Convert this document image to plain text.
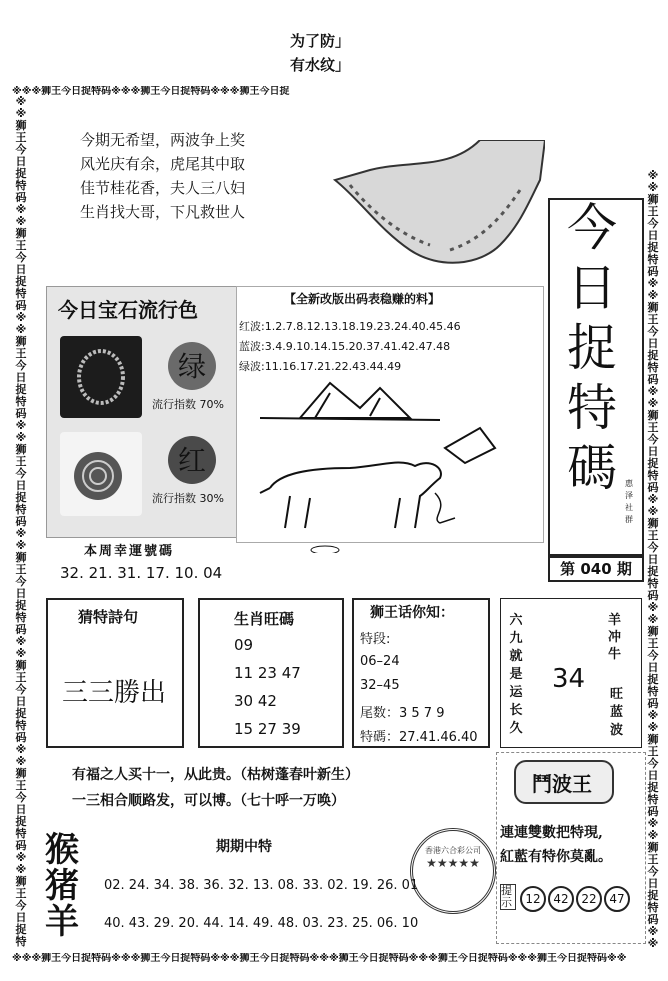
为了防」
有水纹」
※※※狮王今日捉特码※※※狮王今日捉特码※※※狮王今日捉
※※※狮王今日捉特码※※※狮王今日捉特码※※※狮王今日捉特码※※※狮王今日捉特码※※※狮王今日捉特码※※※狮王今日捉特码※※
※※狮王今日捉特码※※狮王今日捉特码※※狮王今日捉特码※※狮王今日捉特码※※狮王今日捉特码※※狮王今日捉特码※※狮王今日捉特码※※狮王今日捉特
※※狮王今日捉特码※※狮王今日捉特码※※狮王今日捉特码※※狮王今日捉特码※※狮王今日捉特码※※狮王今日捉特码※※狮王今日捉特码※※

今期无希望，两波争上奖

风光庆有余，虎尾其中取

佳节桂花香，夫人三八妇

生肖找大哥，下凡救世人	今
日
捉
特
碼	惠
泽
社
群
第 040 期
今日宝石流行色
绿
流行指数 70%
红
流行指数 30%
本周幸運號碼
32. 21. 31. 17. 10. 04
【全新改版出码表稳赚的料】
红波:1.2.7.8.12.13.18.19.23.24.40.45.46
蓝波:3.4.9.10.14.15.20.37.41.42.47.48
绿波:11.16.17.21.22.43.44.49
猜特詩句
三三勝出
生肖旺碼
09
11 23 47
30 42
15 27 39
狮王话你知：
特段:
06–24
32–45
尾数：3 5 7 9
特碼：27.41.46.40
六
九
就
是
运
长
久
34
羊冲牛
旺
蓝
波
有福之人买十一，从此贵。（枯树蓬春叶新生）
一三相合顺路发，可以博。（七十呼一万唤）
鬥波王
連連雙數把特現,
紅藍有特你莫亂。
提示	12	42	22	47
香港六合彩公司
★★★★★
猴
猪
羊
期期中特
02. 24. 34. 38. 36. 32. 13. 08. 33. 02. 19. 26. 01
40. 43. 29. 20. 44. 14. 49. 48. 03. 23. 25. 06. 10
